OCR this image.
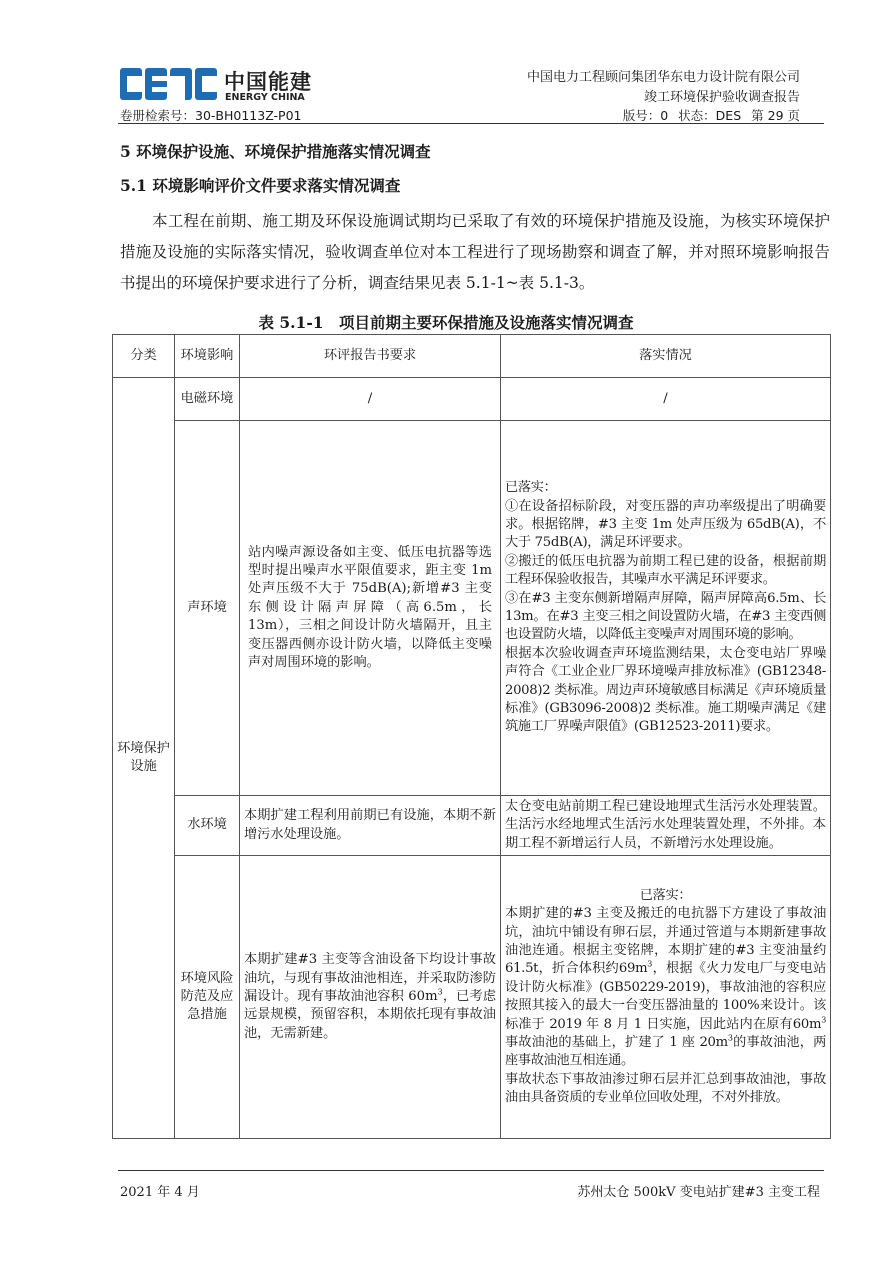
中国能建
ENERGY CHINA
中国电力工程顾问集团华东电力设计院有限公司
竣工环境保护验收调查报告
卷册检索号：30-BH0113Z-P01	版号：0 状态：DES 第 29 页
5 环境保护设施、环境保护措施落实情况调查
5.1 环境影响评价文件要求落实情况调查
本工程在前期、施工期及环保设施调试期均已采取了有效的环境保护措施及设施，为核实环境保护措施及设施的实际落实情况，验收调查单位对本工程进行了现场勘察和调查了解，并对照环境影响报告书提出的环境保护要求进行了分析，调查结果见表 5.1-1~表 5.1-3。
表 5.1-1　项目前期主要环保措施及设施落实情况调查
分类	环境影响	环评报告书要求	落实情况
环境保护设施	电磁环境	/	/
	声环境	站内噪声源设备如主变、低压电抗器等选型时提出噪声水平限值要求，距主变 1m 处声压级不大于 75dB(A);新增#3 主变东侧设计隔声屏障（高6.5m，长 13m），三相之间设计防火墙隔开，且主变压器西侧亦设计防火墙，以降低主变噪声对周围环境的影响。	已落实：
①在设备招标阶段，对变压器的声功率级提出了明确要求。根据铭牌，#3 主变 1m 处声压级为 65dB(A)，不大于 75dB(A)，满足环评要求。
②搬迁的低压电抗器为前期工程已建的设备，根据前期工程环保验收报告，其噪声水平满足环评要求。
③在#3 主变东侧新增隔声屏障，隔声屏障高6.5m、长 13m。在#3 主变三相之间设置防火墙，在#3 主变西侧也设置防火墙，以降低主变噪声对周围环境的影响。
根据本次验收调查声环境监测结果，太仓变电站厂界噪声符合《工业企业厂界环境噪声排放标准》(GB12348-2008)2 类标准。周边声环境敏感目标满足《声环境质量标准》(GB3096-2008)2 类标准。施工期噪声满足《建筑施工厂界噪声限值》(GB12523-2011)要求。
	水环境	本期扩建工程利用前期已有设施，本期不新增污水处理设施。	太仓变电站前期工程已建设地埋式生活污水处理装置。生活污水经地埋式生活污水处理装置处理，不外排。本期工程不新增运行人员，不新增污水处理设施。
	环境风险防范及应急措施	本期扩建#3 主变等含油设备下均设计事故油坑，与现有事故油池相连，并采取防渗防漏设计。现有事故油池容积 $60m^3$，已考虑远景规模，预留容积，本期依托现有事故油池，无需新建。	已落实：
本期扩建的#3 主变及搬迁的电抗器下方建设了事故油坑，油坑中铺设有卵石层，并通过管道与本期新建事故油池连通。根据主变铭牌，本期扩建的#3 主变油量约 61.5t，折合体积约$69m^3$，根据《火力发电厂与变电站设计防火标准》(GB50229-2019)，事故油池的容积应按照其接入的最大一台变压器油量的 100%来设计。该标准于 2019 年 8 月 1 日实施，因此站内在原有$60m^3$事故油池的基础上，扩建了 1 座 $20m^3$的事故油池，两座事故油池互相连通。
事故状态下事故油渗过卵石层并汇总到事故油池，事故油由具备资质的专业单位回收处理，不对外排放。
2021 年 4 月	苏州太仓 500kV 变电站扩建#3 主变工程
